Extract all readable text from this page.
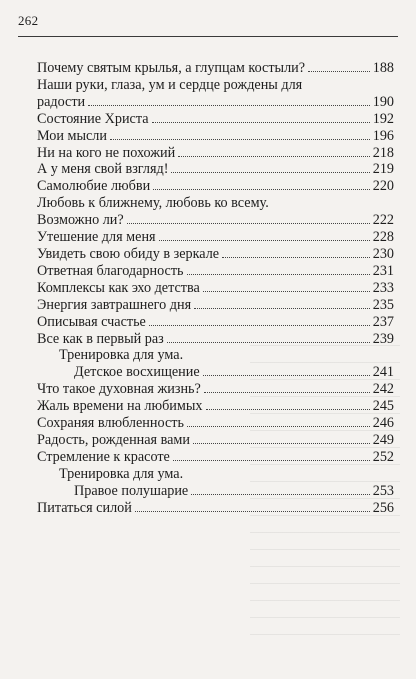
262
Почему святым крылья, а глупцам костыли?	188
Наши руки, глаза, ум и сердце рождены для
радости	190
Состояние Христа	192
Мои мысли	196
Ни на кого не похожий	218
А у меня свой взгляд!	219
Самолюбие любви	220
Любовь к ближнему, любовь ко всему.
Возможно ли?	222
Утешение для меня	228
Увидеть свою обиду в зеркале	230
Ответная благодарность	231
Комплексы как эхо детства	233
Энергия завтрашнего дня	235
Описывая счастье	237
Все как в первый раз	239
Тренировка для ума.
Детское восхищение	241
Что такое духовная жизнь?	242
Жаль времени на любимых	245
Сохраняя влюбленность	246
Радость, рожденная вами	249
Стремление к красоте	252
Тренировка для ума.
Правое полушарие	253
Питаться силой	256
